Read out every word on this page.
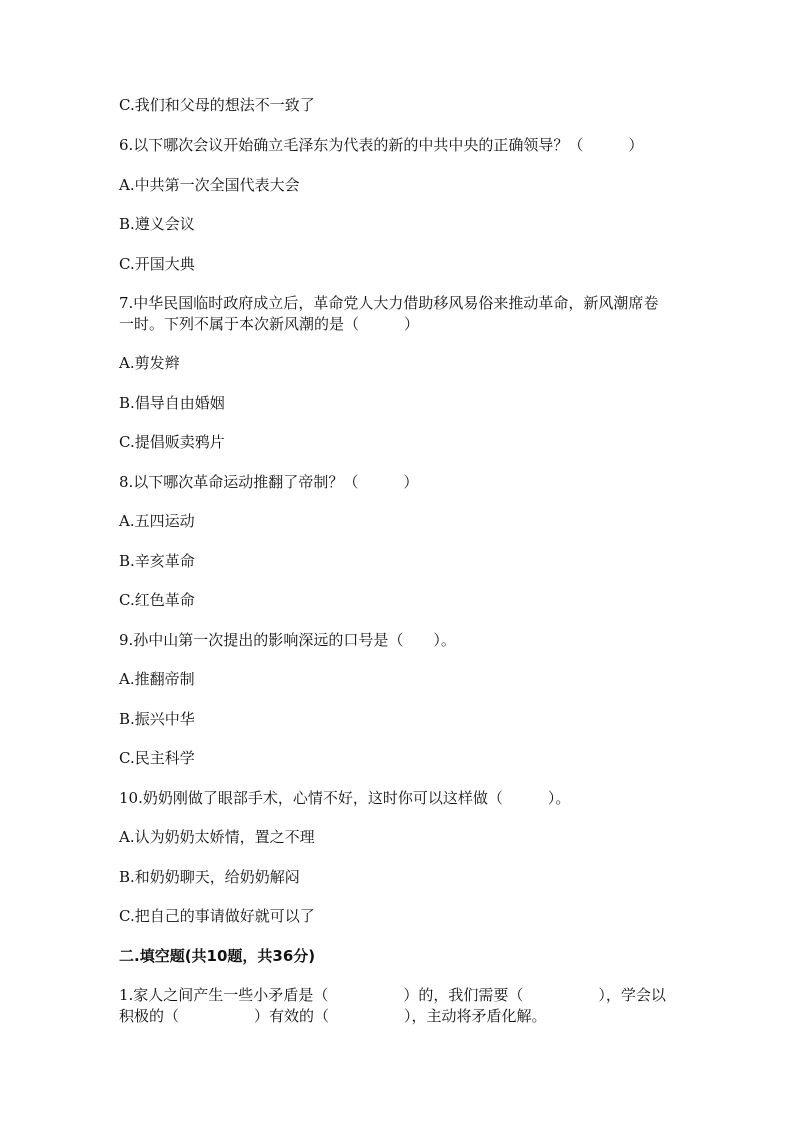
C.我们和父母的想法不一致了
6.以下哪次会议开始确立毛泽东为代表的新的中共中央的正确领导？（　　　）
A.中共第一次全国代表大会
B.遵义会议
C.开国大典
7.中华民国临时政府成立后，革命党人大力借助移风易俗来推动革命，新风潮席卷一时。下列不属于本次新风潮的是（　　　）
A.剪发辫
B.倡导自由婚姻
C.提倡贩卖鸦片
8.以下哪次革命运动推翻了帝制？（　　　）
A.五四运动
B.辛亥革命
C.红色革命
9.孙中山第一次提出的影响深远的口号是（　　）。
A.推翻帝制
B.振兴中华
C.民主科学
10.奶奶刚做了眼部手术，心情不好，这时你可以这样做（　　　）。
A.认为奶奶太娇情，置之不理
B.和奶奶聊天，给奶奶解闷
C.把自己的事请做好就可以了
二.填空题(共10题，共36分)
1.家人之间产生一些小矛盾是（　　　　　）的，我们需要（　　　　　），学会以积极的（　　　　　）有效的（　　　　　），主动将矛盾化解。
